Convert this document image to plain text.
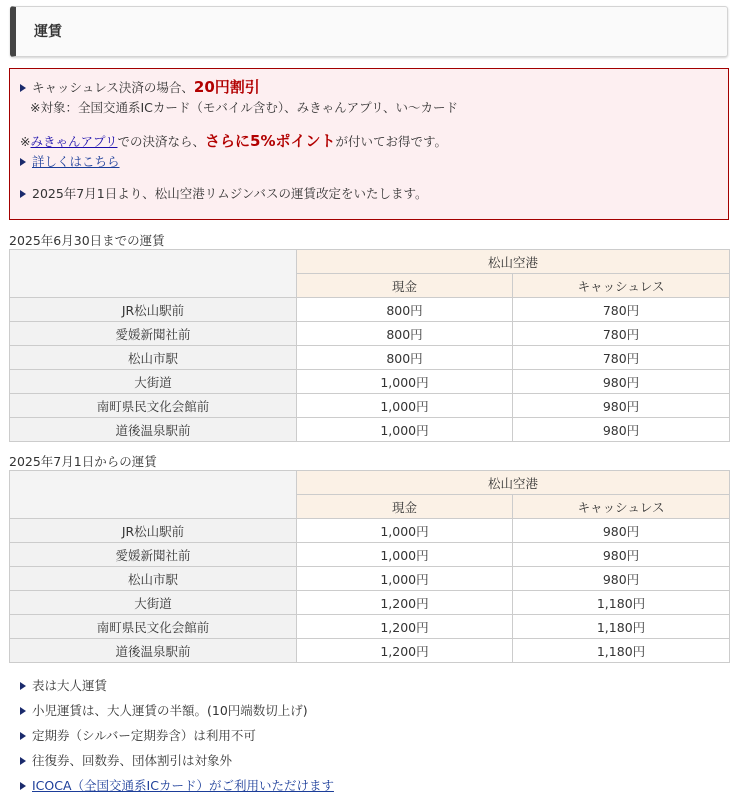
運賃
キャッシュレス決済の場合、20円割引
※対象：全国交通系ICカード（モバイル含む）、みきゃんアプリ、い～カード
※みきゃんアプリでの決済なら、さらに5%ポイントが付いてお得です。
詳しくはこちら
2025年7月1日より、松山空港リムジンバスの運賃改定をいたします。
2025年6月30日までの運賃
	松山空港	
	現金	キャッシュレス
JR松山駅前	800円	780円
愛媛新聞社前	800円	780円
松山市駅	800円	780円
大街道	1,000円	980円
南町県民文化会館前	1,000円	980円
道後温泉駅前	1,000円	980円
2025年7月1日からの運賃
	松山空港	
	現金	キャッシュレス
JR松山駅前	1,000円	980円
愛媛新聞社前	1,000円	980円
松山市駅	1,000円	980円
大街道	1,200円	1,180円
南町県民文化会館前	1,200円	1,180円
道後温泉駅前	1,200円	1,180円
表は大人運賃
小児運賃は、大人運賃の半額。(10円端数切上げ)
定期券（シルバー定期券含）は利用不可
往復券、回数券、団体割引は対象外
ICOCA（全国交通系ICカード）がご利用いただけます
